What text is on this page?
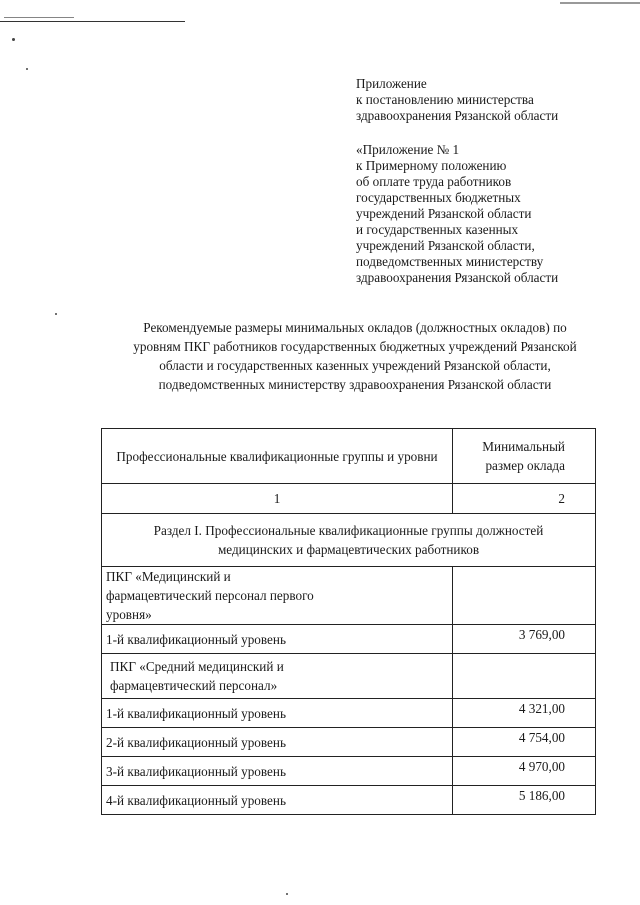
Приложение
к постановлению министерства
здравоохранения Рязанской области
«Приложение № 1
к Примерному положению
об оплате труда работников
государственных бюджетных
учреждений Рязанской области
и государственных казенных
учреждений Рязанской области,
подведомственных министерству
здравоохранения Рязанской области
Рекомендуемые размеры минимальных окладов (должностных окладов) по
уровням ПКГ работников государственных бюджетных учреждений Рязанской
области и государственных казенных учреждений Рязанской области,
подведомственных министерству здравоохранения Рязанской области
Профессиональные квалификационные группы и уровни	Минимальный размер оклада
1	2
Раздел I. Профессиональные квалификационные группы должностей медицинских и фармацевтических работников	
ПКГ «Медицинский и фармацевтический персонал первого уровня»	
1-й квалификационный уровень	3 769,00
ПКГ «Средний медицинский и фармацевтический персонал»	
1-й квалификационный уровень	4 321,00
2-й квалификационный уровень	4 754,00
3-й квалификационный уровень	4 970,00
4-й квалификационный уровень	5 186,00
